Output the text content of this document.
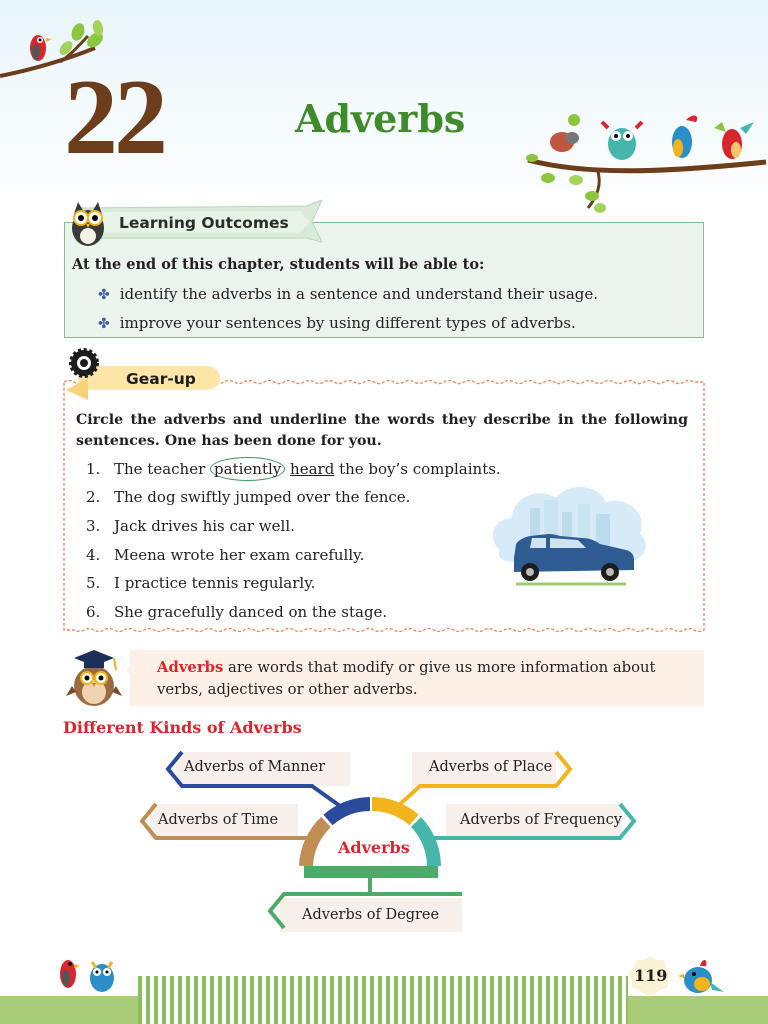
22	Adverbs
Learning Outcomes

At the end of this chapter, students will be able to:

✤ identify the adverbs in a sentence and understand their usage.
✤ improve your sentences by using different types of adverbs.
Gear-up

Circle the adverbs and underline the words they describe in the following sentences. One has been done for you.

1. The teacher patiently heard the boy’s complaints.
2. The dog swiftly jumped over the fence.
3. Jack drives his car well.
4. Meena wrote her exam carefully.
5. I practice tennis regularly.
6. She gracefully danced on the stage.

Adverbs are words that modify or give us more information about verbs, adjectives or other adverbs.

Different Kinds of Adverbs
Adverbs of Manner	Adverbs of Place
Adverbs of Time	Adverbs of Frequency
Adverbs of Degree
Adverbs
119
